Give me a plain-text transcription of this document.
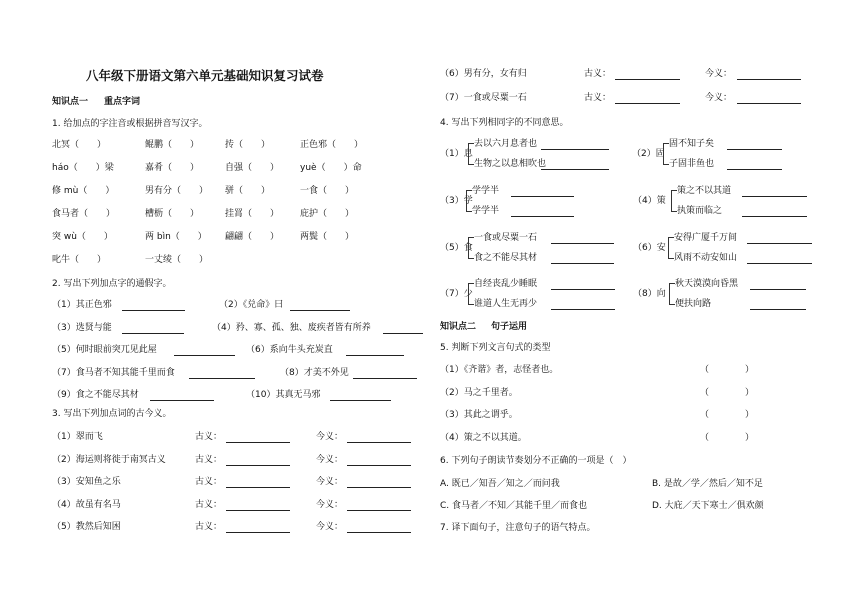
八年级下册语文第六单元基础知识复习试卷
知识点一 重点字词
1. 给加点的字注音或根据拼音写汉字。
北冥（　　）	鲲鹏（　　）	抟（　　）	正色邪（　　）
háo（　　）梁	嘉肴（　　）	自强（　　） yuè（　　）命
修 mù（　　）	男有分（　　） 骈（　　）	一食（　　）
食马者（　　）	槽枥（　　）	挂罥（　　） 庇护（　　）
突 wù（　　）	两 bìn（　　） 翩翩（　　） 两鬓（　　）
叱牛（　　）	一丈绫（　　）
2. 写出下列加点字的通假字。
（1）其正色邪	（2）《兑命》曰
（3）选贤与能	（4）矜、寡、孤、独、废疾者皆有所养
（5）何时眼前突兀见此屋	（6）系向牛头充炭直
（7）食马者不知其能千里而食	（8）才美不外见
（9）食之不能尽其材	（10）其真无马邪
3. 写出下列加点词的古今义。
（1）翠而飞	古义：	今义：
（2）海运则将徙于南冥古义	古义：	今义：
（3）安知鱼之乐	古义：	今义：
（4）故虽有名马	古义：	今义：
（5）教然后知困	古义：	今义：
（6）男有分，女有归	古义：	今义：
（7）一食或尽粟一石	古义：	今义：
4. 写出下列相同字的不同意思。
（1）息
去以六月息者也
生物之以息相吹也
（2）固
固不知子矣
子固非鱼也
（3）学
学学半
学学半
（4）策
策之不以其道
执策而临之
（5）食
一食或尽粟一石
食之不能尽其材
（6）安
安得广厦千万间
风雨不动安如山
（7）少
自经丧乱少睡眠
谁道人生无再少
（8）向
秋天漠漠向昏黑
便扶向路
知识点二 句子运用
5. 判断下列文言句式的类型
（1）《齐谐》者，志怪者也。	（　　　　）
（2）马之千里者。	（　　　　）
（3）其此之谓乎。	（　　　　）
（4）策之不以其道。	（　　　　）
6. 下列句子朗读节奏划分不正确的一项是（　）
A. 既已／知吾／知之／而问我	B. 是故／学／然后／知不足
C. 食马者／不知／其能千里／而食也	D. 大庇／天下寒士／俱欢颜
7. 译下面句子，注意句子的语气特点。
